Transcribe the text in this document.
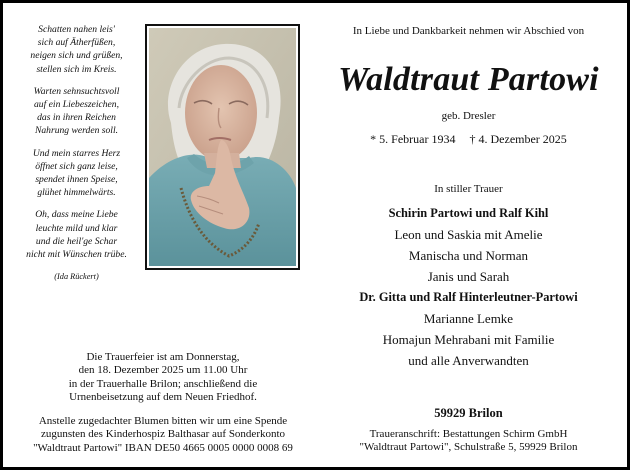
Schatten nahen leis'
sich auf Ätherfüßen,
neigen sich und grüßen,
stellen sich im Kreis.
Warten sehnsuchtsvoll
auf ein Liebeszeichen,
das in ihren Reichen
Nahrung werden soll.
Und mein starres Herz
öffnet sich ganz leise,
spendet ihnen Speise,
glühet himmelwärts.
Oh, dass meine Liebe
leuchte mild und klar
und die heil'ge Schar
nicht mit Wünschen trübe.
(Ida Rückert)
Die Trauerfeier ist am Donnerstag,
den 18. Dezember 2025 um 11.00 Uhr
in der Trauerhalle Brilon; anschließend die
Urnenbeisetzung auf dem Neuen Friedhof.
Anstelle zugedachter Blumen bitten wir um eine Spende
zugunsten des Kinderhospiz Balthasar auf Sonderkonto
"Waldtraut Partowi" IBAN DE50 4665 0005 0000 0008 69
In Liebe und Dankbarkeit nehmen wir Abschied von
Waldtraut Partowi
geb. Dresler
* 5. Februar 1934 † 4. Dezember 2025
In stiller Trauer
Schirin Partowi und Ralf Kihl
Leon und Saskia mit Amelie
Manischa und Norman
Janis und Sarah
Dr. Gitta und Ralf Hinterleutner-Partowi
Marianne Lemke
Homajun Mehrabani mit Familie
und alle Anverwandten
59929 Brilon
Traueranschrift: Bestattungen Schirm GmbH
"Waldtraut Partowi", Schulstraße 5, 59929 Brilon
